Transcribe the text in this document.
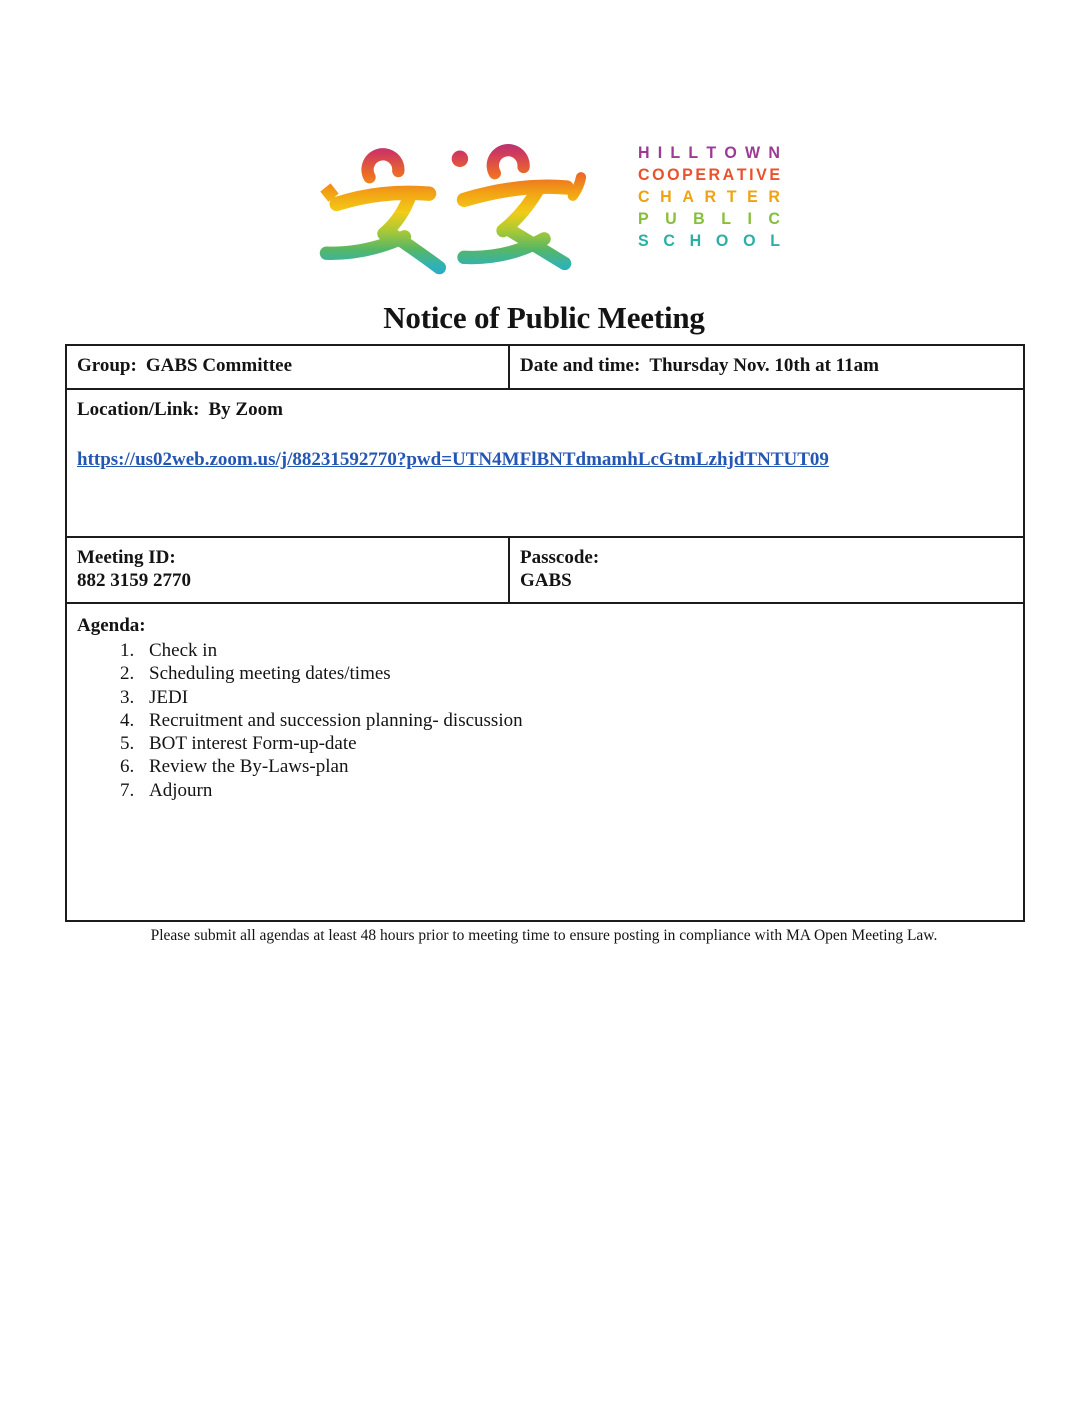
H I L L T O W N
C O O P E R A T I V E
C H A R T E R
P U B L I C
S C H O O L
Notice of Public Meeting
Group: GABS Committee	Date and time: Thursday Nov. 10th at 11am
Location/Link: By Zoom
https://us02web.zoom.us/j/88231592770?pwd=UTN4MFlBNTdmamhLcGtmLzhjdTNTUT09
Meeting ID:
882 3159 2770
Passcode:
GABS
Agenda:
1. Check in
2. Scheduling meeting dates/times
3. JEDI
4. Recruitment and succession planning- discussion
5. BOT interest Form-up-date
6. Review the By-Laws-plan
7. Adjourn
Please submit all agendas at least 48 hours prior to meeting time to ensure posting in compliance with MA Open Meeting Law.
